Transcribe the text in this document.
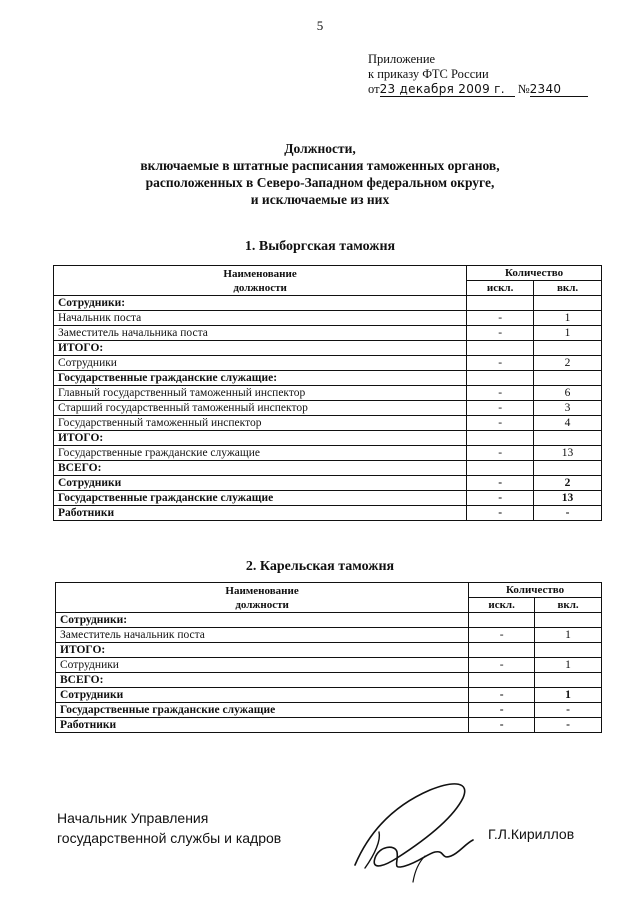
5
Приложение
к приказу ФТС России
от23 декабря 2009 г. №2340
Должности,
включаемые в штатные расписания таможенных органов,
расположенных в Северо-Западном федеральном округе,
и исключаемые из них
1. Выборгская таможня
Наименование
должности	Количество	
	искл.	вкл.
Сотрудники:		
Начальник поста	-	1
Заместитель начальника поста	-	1
ИТОГО:		
Сотрудники	-	2
Государственные гражданские служащие:		
Главный государственный таможенный инспектор	-	6
Старший государственный таможенный инспектор	-	3
Государственный таможенный инспектор	-	4
ИТОГО:		
Государственные гражданские служащие	-	13
ВСЕГО:		
Сотрудники	-	2
Государственные гражданские служащие	-	13
Работники	-	-
2. Карельская таможня
Наименование
должности	Количество	
	искл.	вкл.
Сотрудники:		
Заместитель начальник поста	-	1
ИТОГО:		
Сотрудники	-	1
ВСЕГО:		
Сотрудники	-	1
Государственные гражданские служащие	-	-
Работники	-	-
Начальник Управления
государственной службы и кадров	Г.Л.Кириллов
